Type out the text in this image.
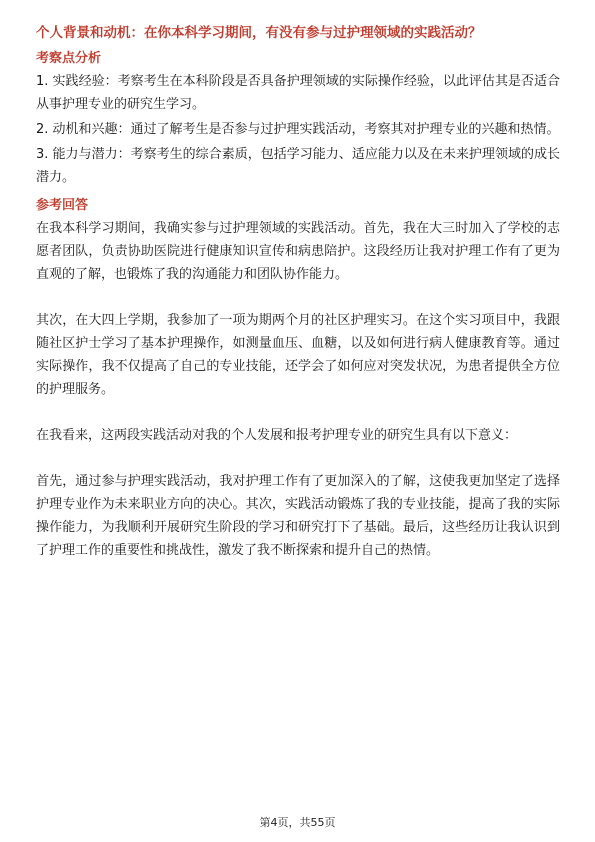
个人背景和动机：在你本科学习期间，有没有参与过护理领域的实践活动？

考察点分析

1. 实践经验：考察考生在本科阶段是否具备护理领域的实际操作经验，以此评估其是否适合从事护理专业的研究生学习。

2. 动机和兴趣：通过了解考生是否参与过护理实践活动，考察其对护理专业的兴趣和热情。

3. 能力与潜力：考察考生的综合素质，包括学习能力、适应能力以及在未来护理领域的成长潜力。

参考回答

在我本科学习期间，我确实参与过护理领域的实践活动。首先，我在大三时加入了学校的志愿者团队，负责协助医院进行健康知识宣传和病患陪护。这段经历让我对护理工作有了更为直观的了解，也锻炼了我的沟通能力和团队协作能力。

其次，在大四上学期，我参加了一项为期两个月的社区护理实习。在这个实习项目中，我跟随社区护士学习了基本护理操作，如测量血压、血糖，以及如何进行病人健康教育等。通过实际操作，我不仅提高了自己的专业技能，还学会了如何应对突发状况，为患者提供全方位的护理服务。

在我看来，这两段实践活动对我的个人发展和报考护理专业的研究生具有以下意义：

首先，通过参与护理实践活动，我对护理工作有了更加深入的了解，这使我更加坚定了选择护理专业作为未来职业方向的决心。其次，实践活动锻炼了我的专业技能，提高了我的实际操作能力，为我顺利开展研究生阶段的学习和研究打下了基础。最后，这些经历让我认识到了护理工作的重要性和挑战性，激发了我不断探索和提升自己的热情。

第4页，共55页
